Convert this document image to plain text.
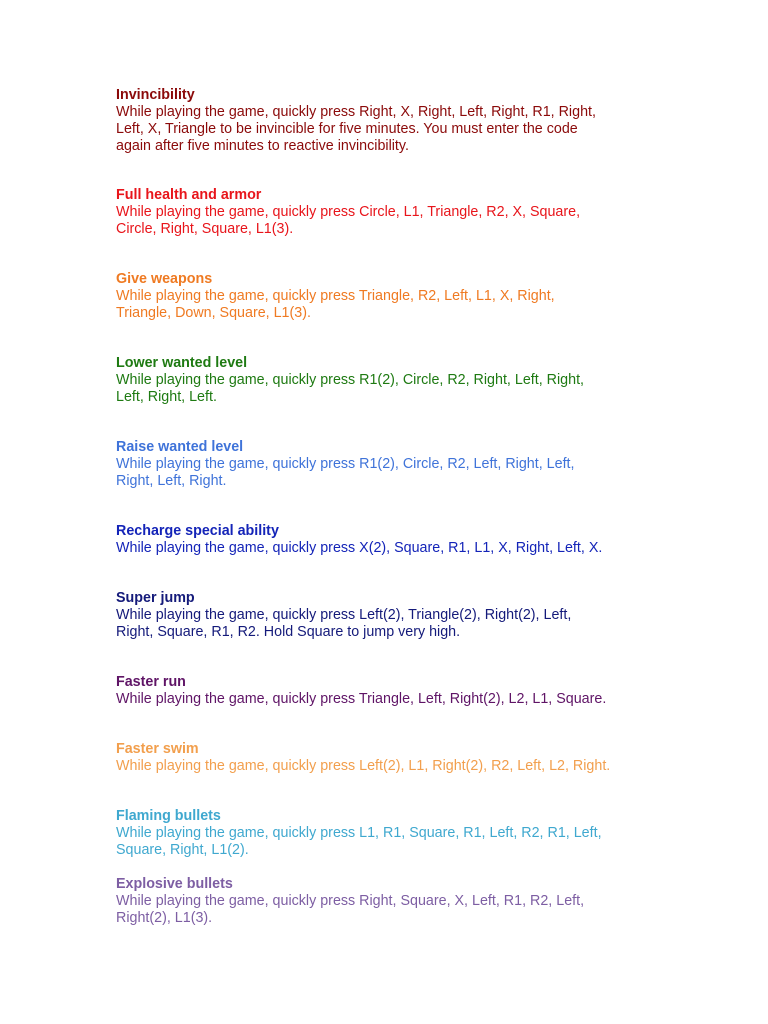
Invincibility

While playing the game, quickly press Right, X, Right, Left, Right, R1, Right,

Left, X, Triangle to be invincible for five minutes. You must enter the code

again after five minutes to reactive invincibility.

Full health and armor

While playing the game, quickly press Circle, L1, Triangle, R2, X, Square,

Circle, Right, Square, L1(3).

Give weapons

While playing the game, quickly press Triangle, R2, Left, L1, X, Right,

Triangle, Down, Square, L1(3).

Lower wanted level

While playing the game, quickly press R1(2), Circle, R2, Right, Left, Right,

Left, Right, Left.

Raise wanted level

While playing the game, quickly press R1(2), Circle, R2, Left, Right, Left,

Right, Left, Right.

Recharge special ability

While playing the game, quickly press X(2), Square, R1, L1, X, Right, Left, X.

Super jump

While playing the game, quickly press Left(2), Triangle(2), Right(2), Left,

Right, Square, R1, R2. Hold Square to jump very high.

Faster run

While playing the game, quickly press Triangle, Left, Right(2), L2, L1, Square.

Faster swim

While playing the game, quickly press Left(2), L1, Right(2), R2, Left, L2, Right.

Flaming bullets

While playing the game, quickly press L1, R1, Square, R1, Left, R2, R1, Left,

Square, Right, L1(2).

Explosive bullets

While playing the game, quickly press Right, Square, X, Left, R1, R2, Left,

Right(2), L1(3).
